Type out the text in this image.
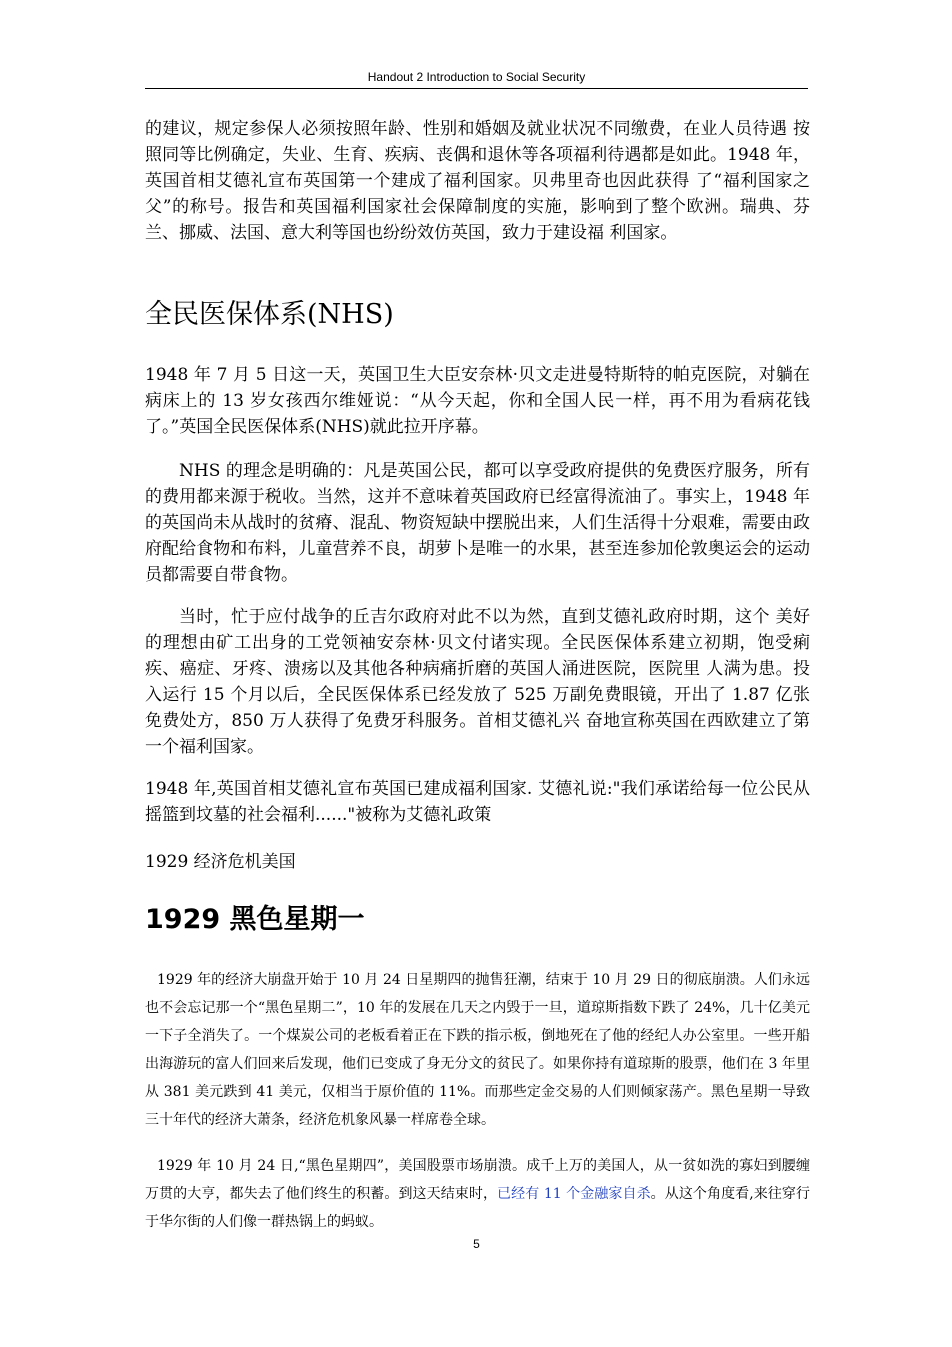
Handout 2 Introduction to Social Security

的建议，规定参保人必须按照年龄、性别和婚姻及就业状况不同缴费，在业人员待遇 按照同等比例确定，失业、生育、疾病、丧偶和退休等各项福利待遇都是如此。1948 年，英国首相艾德礼宣布英国第一个建成了福利国家。贝弗里奇也因此获得 了“福利国家之父”的称号。报告和英国福利国家社会保障制度的实施，影响到了整个欧洲。瑞典、芬兰、挪威、法国、意大利等国也纷纷效仿英国，致力于建设福 利国家。

全民医保体系(NHS)

1948 年 7 月 5 日这一天，英国卫生大臣安奈林·贝文走进曼特斯特的帕克医院，对躺在病床上的 13 岁女孩西尔维娅说：“从今天起，你和全国人民一样，再不用为看病花钱了。”英国全民医保体系(NHS)就此拉开序幕。

NHS 的理念是明确的：凡是英国公民，都可以享受政府提供的免费医疗服务，所有的费用都来源于税收。当然，这并不意味着英国政府已经富得流油了。事实上，1948 年的英国尚未从战时的贫瘠、混乱、物资短缺中摆脱出来，人们生活得十分艰难，需要由政府配给食物和布料，儿童营养不良，胡萝卜是唯一的水果，甚至连参加伦敦奥运会的运动员都需要自带食物。

当时，忙于应付战争的丘吉尔政府对此不以为然，直到艾德礼政府时期，这个 美好的理想由矿工出身的工党领袖安奈林·贝文付诸实现。全民医保体系建立初期，饱受痢疾、癌症、牙疼、溃疡以及其他各种病痛折磨的英国人涌进医院，医院里 人满为患。投入运行 15 个月以后，全民医保体系已经发放了 525 万副免费眼镜，开出了 1.87 亿张免费处方，850 万人获得了免费牙科服务。首相艾德礼兴 奋地宣称英国在西欧建立了第一个福利国家。

1948 年,英国首相艾德礼宣布英国已建成福利国家. 艾德礼说:"我们承诺给每一位公民从摇篮到坟墓的社会福利......"被称为艾德礼政策

1929 经济危机美国

1929 黑色星期一

1929 年的经济大崩盘开始于 10 月 24 日星期四的抛售狂潮，结束于 10 月 29 日的彻底崩溃。人们永远也不会忘记那一个“黑色星期二”，10 年的发展在几天之内毁于一旦，道琼斯指数下跌了 24%，几十亿美元一下子全消失了。一个煤炭公司的老板看着正在下跌的指示板，倒地死在了他的经纪人办公室里。一些开船出海游玩的富人们回来后发现，他们已变成了身无分文的贫民了。如果你持有道琼斯的股票，他们在 3 年里从 381 美元跌到 41 美元，仅相当于原价值的 11%。而那些定金交易的人们则倾家荡产。黑色星期一导致三十年代的经济大萧条，经济危机象风暴一样席卷全球。

1929 年 10 月 24 日,“黑色星期四”，美国股票市场崩溃。成千上万的美国人，从一贫如洗的寡妇到腰缠万贯的大亨，都失去了他们终生的积蓄。到这天结束时，已经有 11 个金融家自杀。从这个角度看,来往穿行于华尔街的人们像一群热锅上的蚂蚁。

5
